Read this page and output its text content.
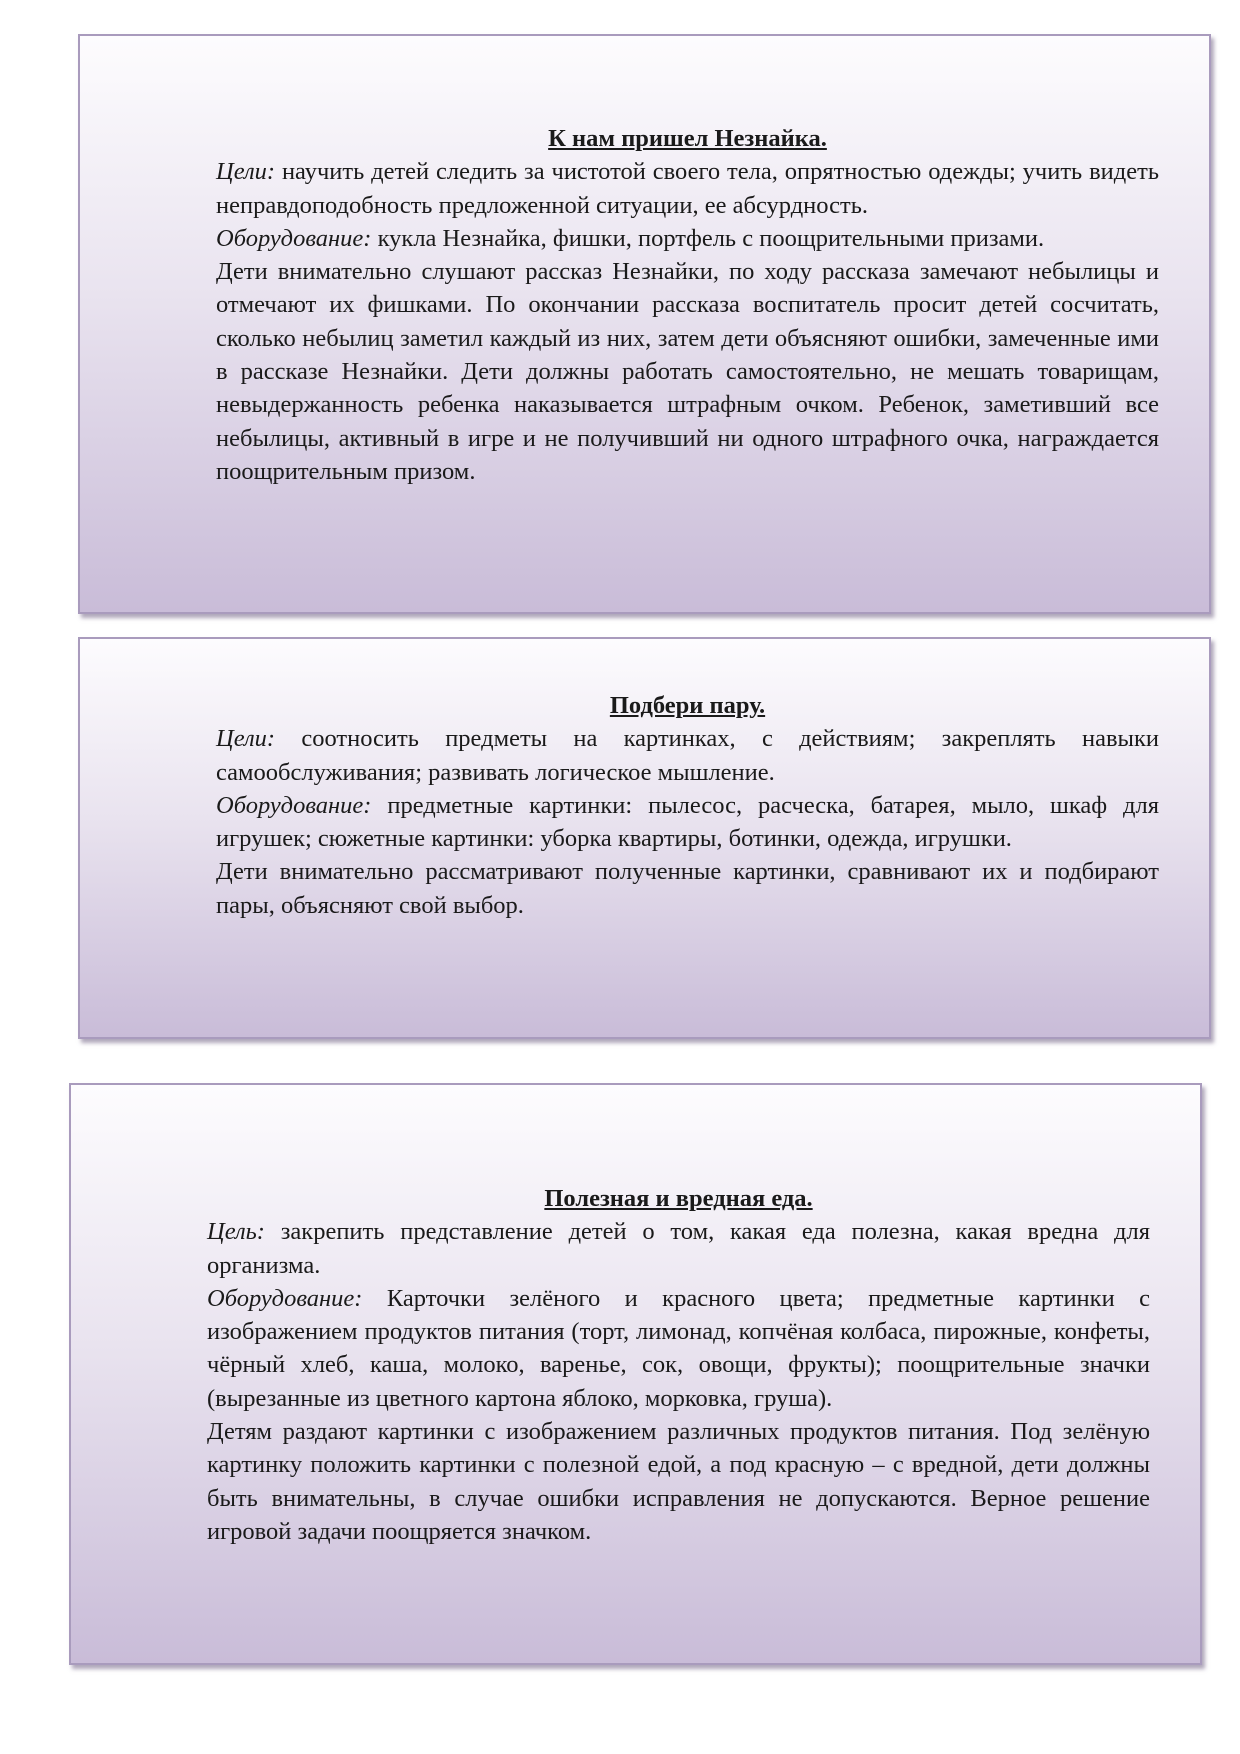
К нам пришел Незнайка.

Цели: научить детей следить за чистотой своего тела, опрятностью одежды; учить видеть неправдоподобность предложенной ситуации, ее абсурдность.

Оборудование: кукла Незнайка, фишки, портфель с поощрительными призами.

Дети внимательно слушают рассказ Незнайки, по ходу рассказа замечают небылицы и отмечают их фишками. По окончании рассказа воспитатель просит детей сосчитать, сколько небылиц заметил каждый из них, затем дети объясняют ошибки, замеченные ими в рассказе Незнайки. Дети должны работать самостоятельно, не мешать товарищам, невыдержанность ребенка наказывается штрафным очком. Ребенок, заметивший все небылицы, активный в игре и не получивший ни одного штрафного очка, награждается поощрительным призом.

Подбери пару.

Цели: соотносить предметы на картинках, с действиям; закреплять навыки самообслуживания; развивать логическое мышление.

Оборудование: предметные картинки: пылесос, расческа, батарея, мыло, шкаф для игрушек; сюжетные картинки: уборка квартиры, ботинки, одежда, игрушки.

Дети внимательно рассматривают полученные картинки, сравнивают их и подбирают пары, объясняют свой выбор.

Полезная и вредная еда.

Цель: закрепить представление детей о том, какая еда полезна, какая вредна для организма.

Оборудование: Карточки зелёного и красного цвета; предметные картинки с изображением продуктов питания (торт, лимонад, копчёная колбаса, пирожные, конфеты, чёрный хлеб, каша, молоко, варенье, сок, овощи, фрукты); поощрительные значки (вырезанные из цветного картона яблоко, морковка, груша).

Детям раздают картинки с изображением различных продуктов питания. Под зелёную картинку положить картинки с полезной едой, а под красную – с вредной, дети должны быть внимательны, в случае ошибки исправления не допускаются. Верное решение игровой задачи поощряется значком.
